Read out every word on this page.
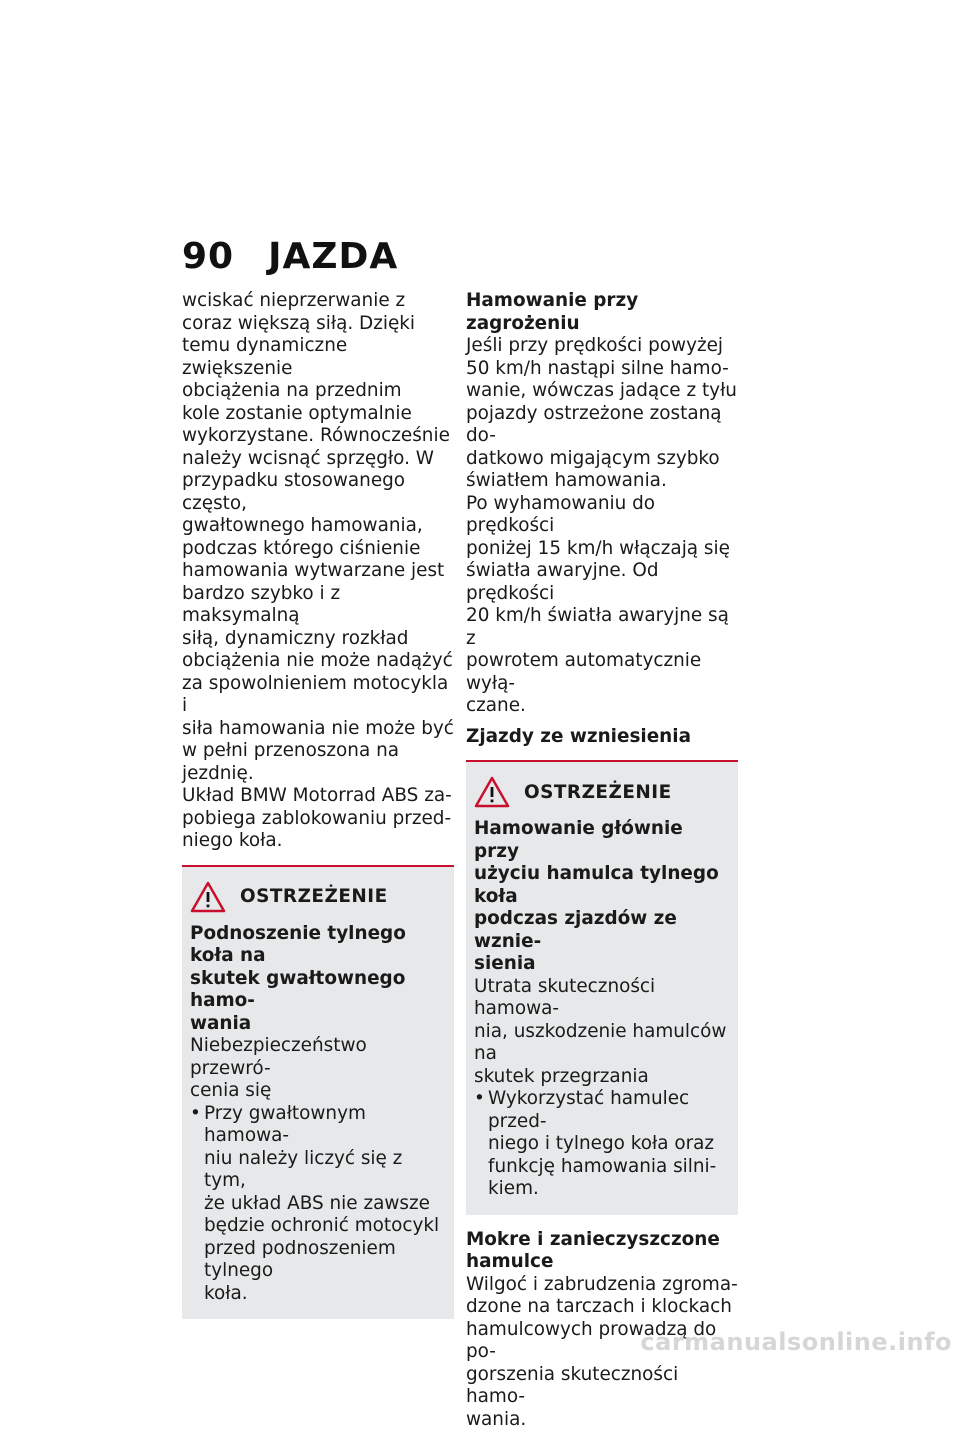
90 JAZDA

wciskać nieprzerwanie z

coraz większą siłą. Dzięki

temu dynamiczne zwiększenie

obciążenia na przednim

kole zostanie optymalnie

wykorzystane. Równocześnie

należy wcisnąć sprzęgło. W

przypadku stosowanego często,

gwałtownego hamowania,

podczas którego ciśnienie

hamowania wytwarzane jest

bardzo szybko i z maksymalną

siłą, dynamiczny rozkład

obciążenia nie może nadążyć

za spowolnieniem motocykla i

siła hamowania nie może być

w pełni przenoszona na jezdnię.

Układ BMW Motorrad ABS za-

pobiega zablokowaniu przed-

niego koła.

OSTRZEŻENIE

Podnoszenie tylnego koła na

skutek gwałtownego hamo-

wania

Niebezpieczeństwo przewró-

cenia się

• Przy gwałtownym hamowa-

niu należy liczyć się z tym,

że układ ABS nie zawsze

będzie ochronić motocykl

przed podnoszeniem tylnego

koła.

Hamowanie przy zagrożeniu

Jeśli przy prędkości powyżej

50 km/h nastąpi silne hamo-

wanie, wówczas jadące z tyłu

pojazdy ostrzeżone zostaną do-

datkowo migającym szybko

światłem hamowania.

Po wyhamowaniu do prędkości

poniżej 15 km/h włączają się

światła awaryjne. Od prędkości

20 km/h światła awaryjne są z

powrotem automatycznie wyłą-

czane.

Zjazdy ze wzniesienia

OSTRZEŻENIE

Hamowanie głównie przy

użyciu hamulca tylnego koła

podczas zjazdów ze wznie-

sienia

Utrata skuteczności hamowa-

nia, uszkodzenie hamulców na

skutek przegrzania

• Wykorzystać hamulec przed-

niego i tylnego koła oraz

funkcję hamowania silni-

kiem.

Mokre i zanieczyszczone

hamulce

Wilgoć i zabrudzenia zgroma-

dzone na tarczach i klockach

hamulcowych prowadzą do po-

gorszenia skuteczności hamo-

wania.

carmanualsonline.info
